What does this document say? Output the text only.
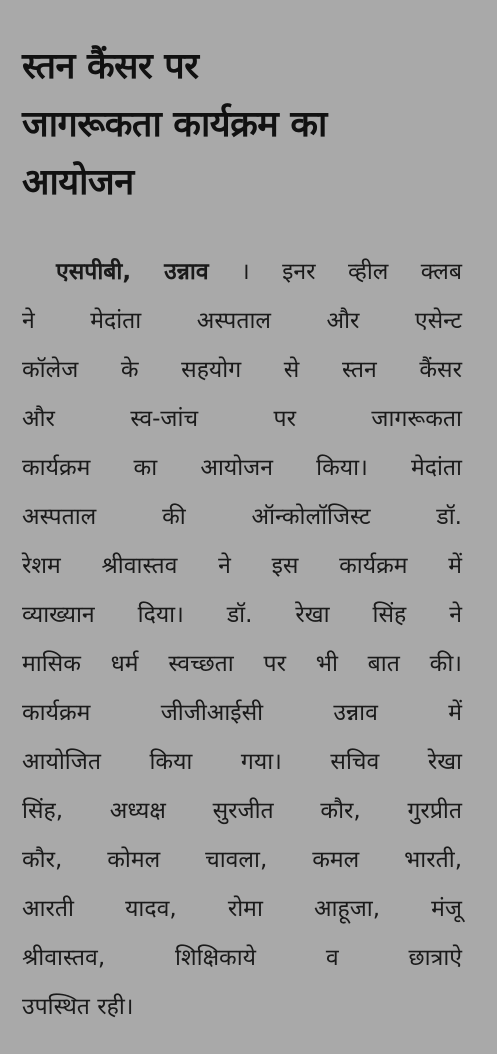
स्तन कैंसर पर
जागरूकता कार्यक्रम का
आयोजन
एसपीबी, उन्नाव । इनर व्हील क्लब
ने मेदांता अस्पताल और एसेन्ट
कॉलेज के सहयोग से स्तन कैंसर
और स्व-जांच पर जागरूकता
कार्यक्रम का आयोजन किया। मेदांता
अस्पताल की ऑन्कोलॉजिस्ट डॉ.
रेशम श्रीवास्तव ने इस कार्यक्रम में
व्याख्यान दिया। डॉ. रेखा सिंह ने
मासिक धर्म स्वच्छता पर भी बात की।
कार्यक्रम जीजीआईसी उन्नाव में
आयोजित किया गया। सचिव रेखा
सिंह, अध्यक्ष सुरजीत कौर, गुरप्रीत
कौर, कोमल चावला, कमल भारती,
आरती यादव, रोमा आहूजा, मंजू
श्रीवास्तव, शिक्षिकाये व छात्राऐ
उपस्थित रही।
